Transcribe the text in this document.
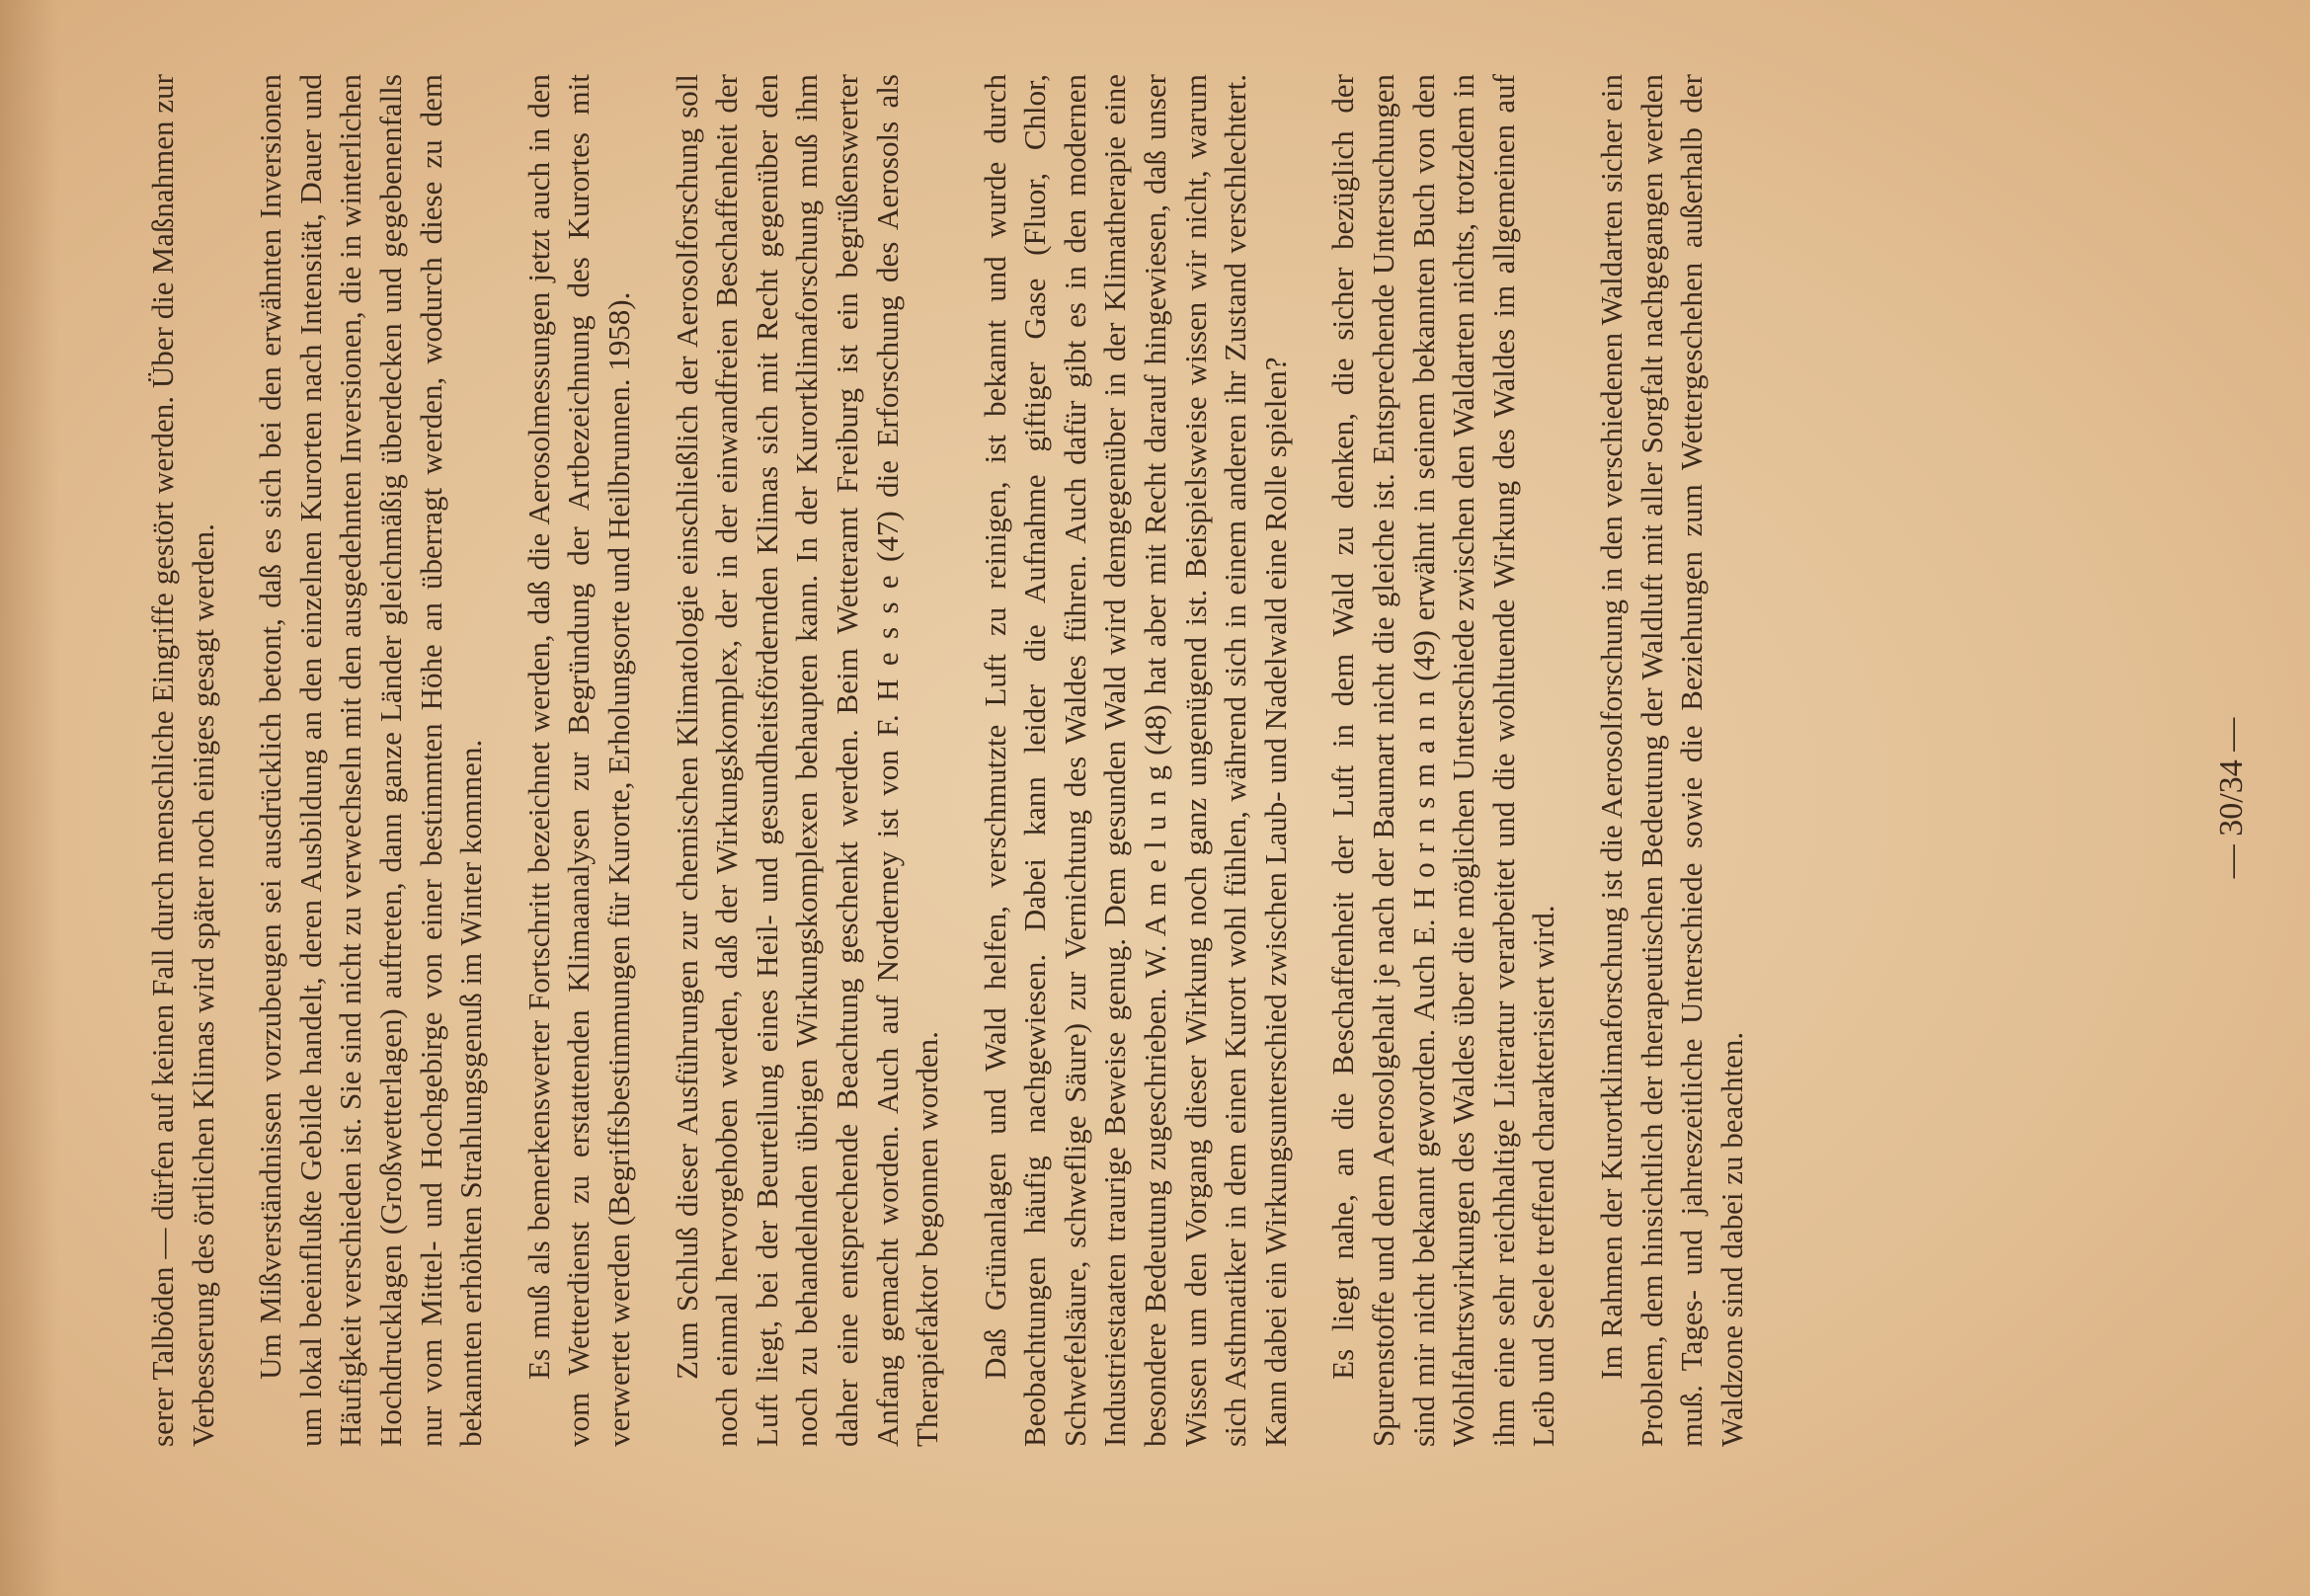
serer Talböden — dürfen auf keinen Fall durch menschliche Eingriffe gestört werden. Über die Maßnahmen zur Verbesserung des örtlichen Klimas wird später noch einiges gesagt werden. Um Mißverständnissen vorzubeugen sei ausdrücklich betont, daß es sich bei den erwähnten Inversionen um lokal beeinflußte Gebilde handelt, deren Ausbildung an den einzelnen Kurorten nach Intensität, Dauer und Häufigkeit verschieden ist. Sie sind nicht zu verwechseln mit den ausgedehnten Inversionen, die in winterlichen Hochdrucklagen (Großwetterlagen) auftreten, dann ganze Länder gleichmäßig überdecken und gegebenenfalls nur vom Mittel- und Hochgebirge von einer bestimmten Höhe an überragt werden, wodurch diese zu dem bekannten erhöhten Strahlungsgenuß im Winter kommen. Es muß als bemerkenswerter Fortschritt bezeichnet werden, daß die Aerosolmessungen jetzt auch in den vom Wetterdienst zu erstattenden Klimaanalysen zur Begründung der Artbezeichnung des Kurortes mit verwertet werden (Begriffsbestimmungen für Kurorte, Erholungsorte und Heilbrunnen. 1958). Zum Schluß dieser Ausführungen zur chemischen Klimatologie einschließlich der Aerosolforschung soll noch einmal hervorgehoben werden, daß der Wirkungskomplex, der in der einwandfreien Beschaffenheit der Luft liegt, bei der Beurteilung eines Heil- und gesundheitsfördernden Klimas sich mit Recht gegenüber den noch zu behandelnden übrigen Wirkungskomplexen behaupten kann. In der Kurortklimaforschung muß ihm daher eine entsprechende Beachtung geschenkt werden. Beim Wetteramt Freiburg ist ein begrüßenswerter Anfang gemacht worden. Auch auf Norderney ist von F. H e s s e (47) die Erforschung des Aerosols als Therapiefaktor begonnen worden. Daß Grünanlagen und Wald helfen, verschmutzte Luft zu reinigen, ist bekannt und wurde durch Beobachtungen häufig nachgewiesen. Dabei kann leider die Aufnahme giftiger Gase (Fluor, Chlor, Schwefelsäure, schweflige Säure) zur Vernichtung des Waldes führen. Auch dafür gibt es in den modernen Industriestaaten traurige Beweise genug. Dem gesunden Wald wird demgegenüber in der Klimatherapie eine besondere Bedeutung zugeschrieben. W. A m e l u n g (48) hat aber mit Recht darauf hingewiesen, daß unser Wissen um den Vorgang dieser Wirkung noch ganz ungenügend ist. Beispielsweise wissen wir nicht, warum sich Asthmatiker in dem einen Kurort wohl fühlen, während sich in einem anderen ihr Zustand verschlechtert. Kann dabei ein Wirkungsunterschied zwischen Laub- und Nadelwald eine Rolle spielen? Es liegt nahe, an die Beschaffenheit der Luft in dem Wald zu denken, die sicher bezüglich der Spurenstoffe und dem Aerosolgehalt je nach der Baumart nicht die gleiche ist. Entsprechende Untersuchungen sind mir nicht bekannt geworden. Auch E. H o r n s m a n n (49) erwähnt in seinem bekannten Buch von den Wohlfahrtswirkungen des Waldes über die möglichen Unterschiede zwischen den Waldarten nichts, trotzdem in ihm eine sehr reichhaltige Literatur verarbeitet und die wohltuende Wirkung des Waldes im allgemeinen auf Leib und Seele treffend charakterisiert wird. Im Rahmen der Kurortklimaforschung ist die Aerosolforschung in den verschiedenen Waldarten sicher ein Problem, dem hinsichtlich der therapeutischen Bedeutung der Waldluft mit aller Sorgfalt nachgegangen werden muß. Tages- und jahreszeitliche Unterschiede sowie die Beziehungen zum Wettergeschehen außerhalb der Waldzone sind dabei zu beachten.

— 30/34 —
